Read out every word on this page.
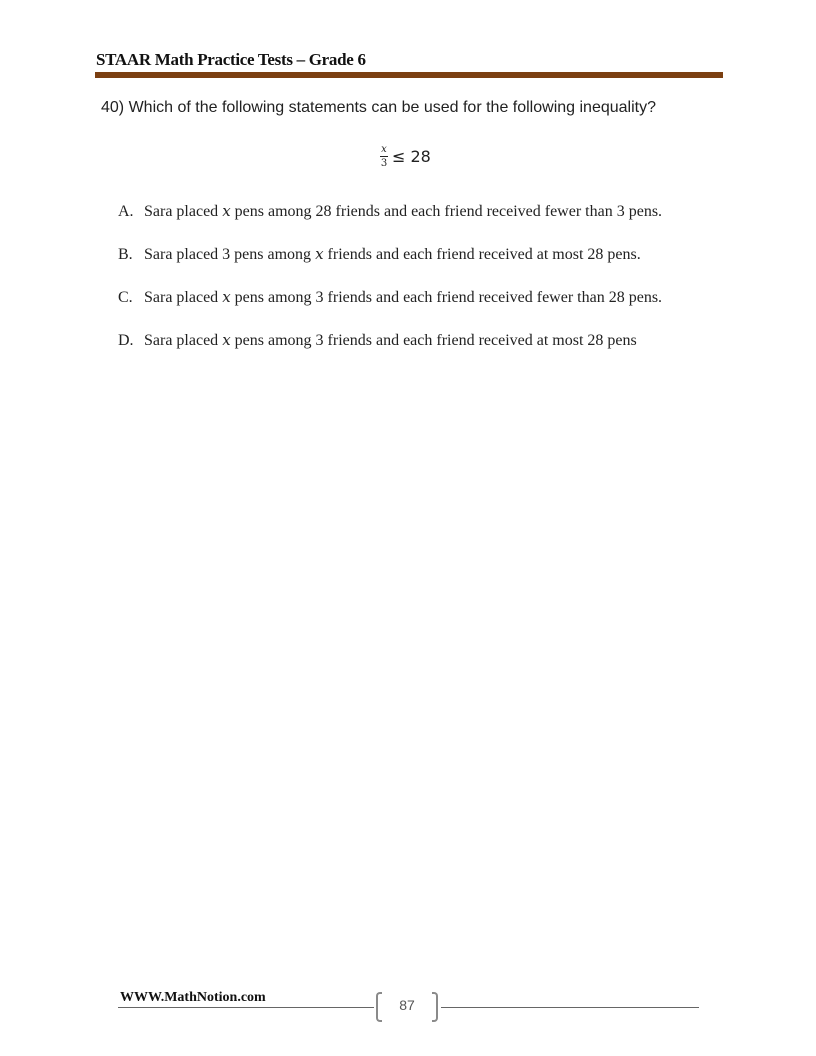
STAAR Math Practice Tests – Grade 6
40) Which of the following statements can be used for the following inequality?
$\frac{x}{3} \le 28$
A. Sara placed x pens among 28 friends and each friend received fewer than 3 pens.
B. Sara placed 3 pens among x friends and each friend received at most 28 pens.
C. Sara placed x pens among 3 friends and each friend received fewer than 28 pens.
D. Sara placed x pens among 3 friends and each friend received at most 28 pens
WWW.MathNotion.com	87
